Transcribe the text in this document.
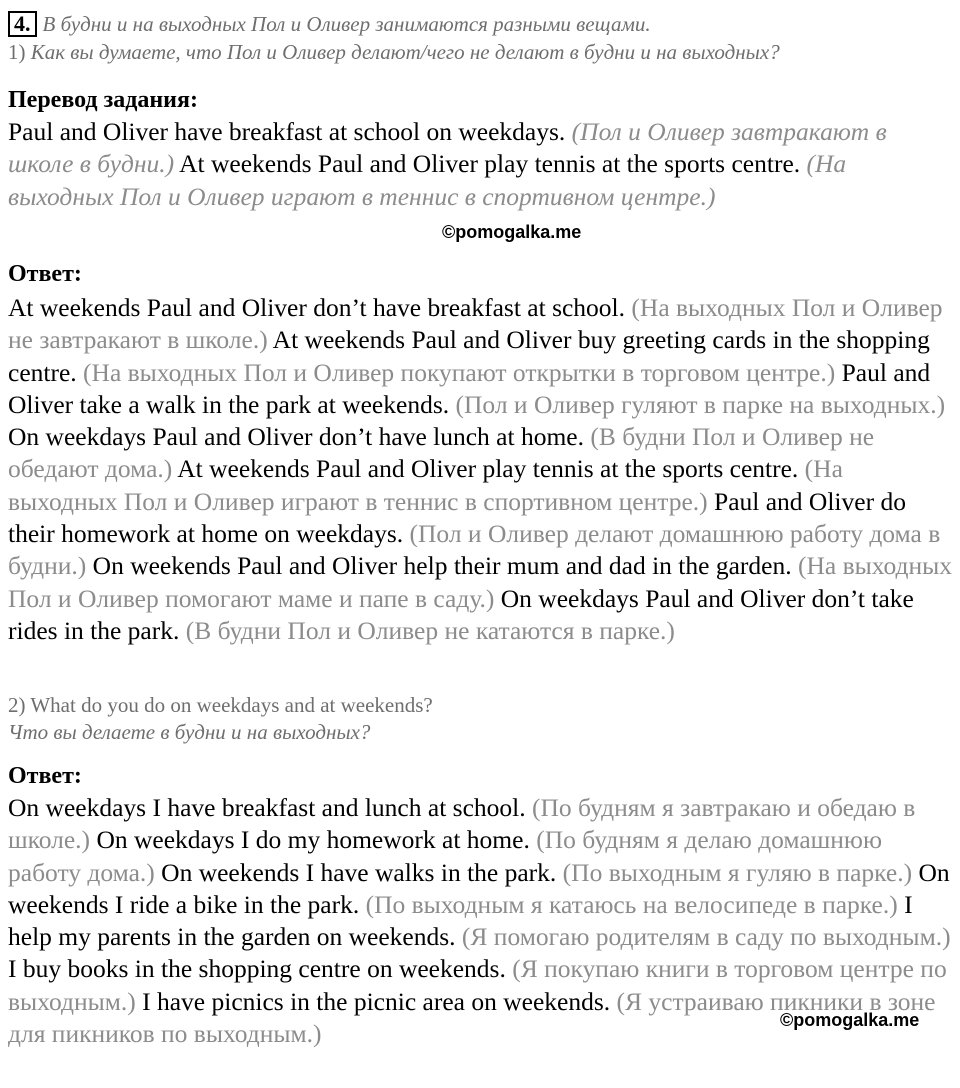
4. В будни и на выходных Пол и Оливер занимаются разными вещами.
1) Как вы думаете, что Пол и Оливер делают/чего не делают в будни и на выходных?
Перевод задания:
Paul and Oliver have breakfast at school on weekdays. (Пол и Оливер завтракают в школе в будни.) At weekends Paul and Oliver play tennis at the sports centre. (На выходных Пол и Оливер играют в теннис в спортивном центре.)
©pomogalka.me
Ответ:
At weekends Paul and Oliver don’t have breakfast at school. (На выходных Пол и Оливер не завтракают в школе.) At weekends Paul and Oliver buy greeting cards in the shopping centre. (На выходных Пол и Оливер покупают открытки в торговом центре.) Paul and Oliver take a walk in the park at weekends. (Пол и Оливер гуляют в парке на выходных.) On weekdays Paul and Oliver don’t have lunch at home. (В будни Пол и Оливер не обедают дома.) At weekends Paul and Oliver play tennis at the sports centre. (На выходных Пол и Оливер играют в теннис в спортивном центре.) Paul and Oliver do their homework at home on weekdays. (Пол и Оливер делают домашнюю работу дома в будни.) On weekends Paul and Oliver help their mum and dad in the garden. (На выходных Пол и Оливер помогают маме и папе в саду.) On weekdays Paul and Oliver don’t take rides in the park. (В будни Пол и Оливер не катаются в парке.)
2) What do you do on weekdays and at weekends?
Что вы делаете в будни и на выходных?
Ответ:
On weekdays I have breakfast and lunch at school. (По будням я завтракаю и обедаю в школе.) On weekdays I do my homework at home. (По будням я делаю домашнюю работу дома.) On weekends I have walks in the park. (По выходным я гуляю в парке.) On weekends I ride a bike in the park. (По выходным я катаюсь на велосипеде в парке.) I help my parents in the garden on weekends. (Я помогаю родителям в саду по выходным.) I buy books in the shopping centre on weekends. (Я покупаю книги в торговом центре по выходным.) I have picnics in the picnic area on weekends. (Я устраиваю пикники в зоне для пикников по выходным.)	©pomogalka.me
